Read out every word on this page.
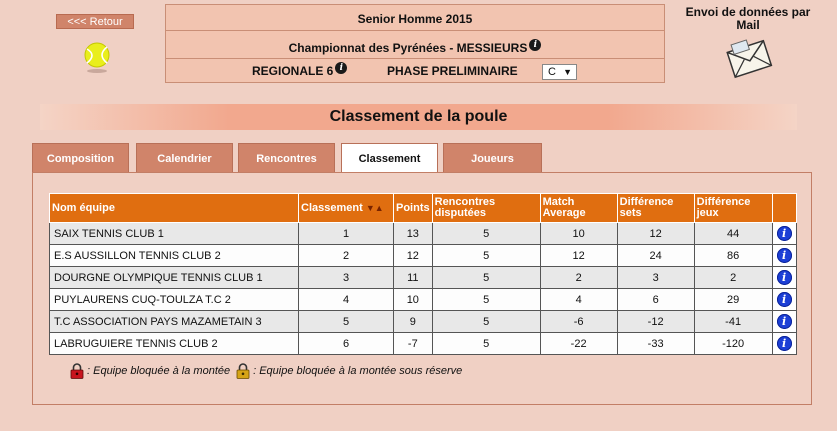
<<< Retour	Senior Homme 2015
Championnat des Pyrénées - MESSIEURS i
REGIONALE 6 i	PHASE PRELIMINAIRE	C ▼
Envoi de données par Mail
Classement de la poule
Composition	Calendrier	Rencontres	Classement	Joueurs
Nom équipe	Classement ▼▲	Points	Rencontres disputées	Match Average	Différence sets	Différence jeux	
SAIX TENNIS CLUB 1	1	13	5	10	12	44	i
E.S AUSSILLON TENNIS CLUB 2	2	12	5	12	24	86	i
DOURGNE OLYMPIQUE TENNIS CLUB 1	3	11	5	2	3	2	i
PUYLAURENS CUQ-TOULZA T.C 2	4	10	5	4	6	29	i
T.C ASSOCIATION PAYS MAZAMETAIN 3	5	9	5	-6	-12	-41	i
LABRUGUIERE TENNIS CLUB 2	6	-7	5	-22	-33	-120	i
: Equipe bloquée à la montée : Equipe bloquée à la montée sous réserve
